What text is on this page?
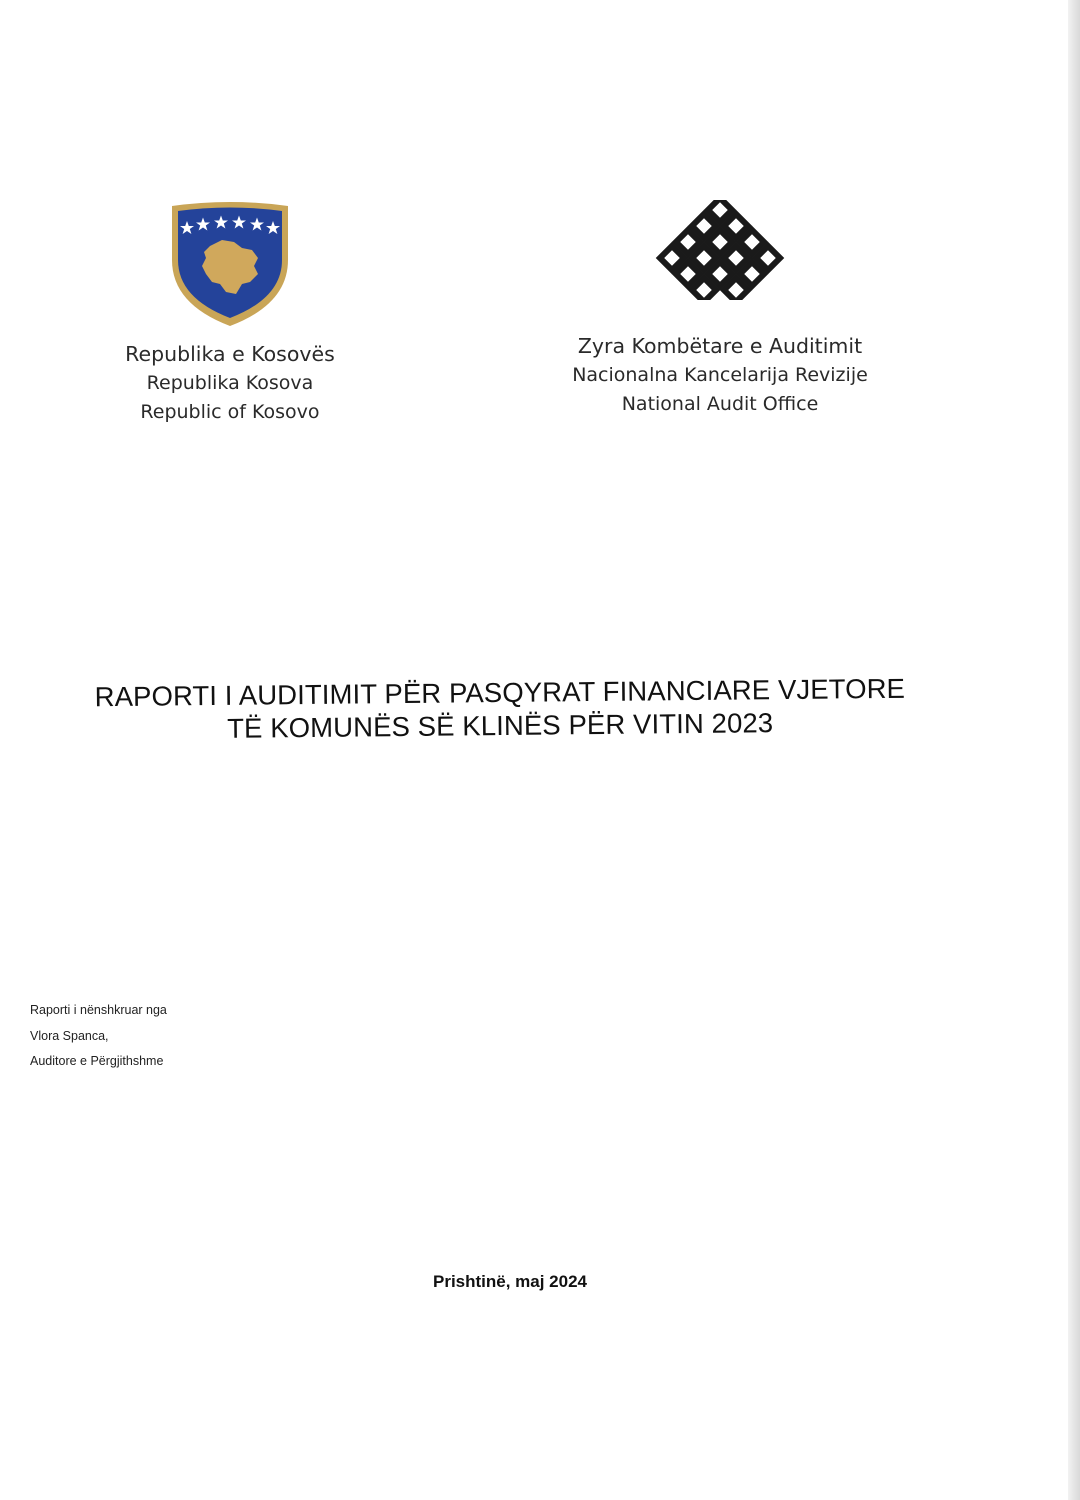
Republika e Kosovës
Republika Kosova
Republic of Kosovo
Zyra Kombëtare e Auditimit
Nacionalna Kancelarija Revizije
National Audit Office
RAPORTI I AUDITIMIT PËR PASQYRAT FINANCIARE VJETORE
TË KOMUNËS SË KLINËS PËR VITIN 2023
Raporti i nënshkruar nga
Vlora Spanca,
Auditore e Përgjithshme
Prishtinë, maj 2024
